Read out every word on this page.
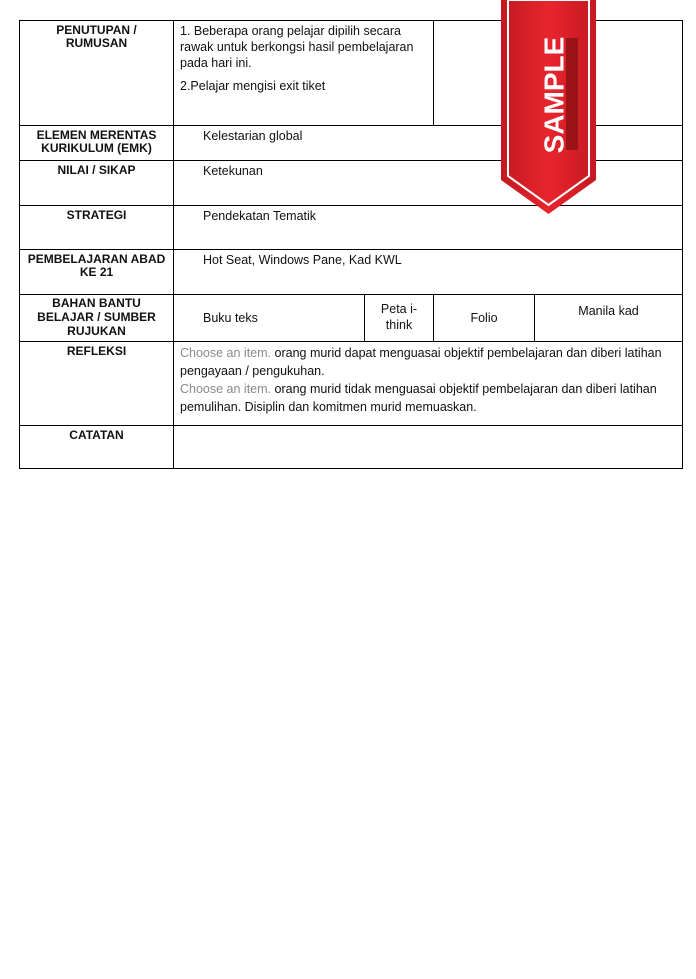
PENUTUPAN / RUMUSAN	1. Beberapa orang pelajar dipilih secara rawak untuk berkongsi hasil pembelajaran pada hari ini.
2.Pelajar mengisi exit tiket			

ELEMEN MERENTAS KURIKULUM (EMK)	Kelestarian global			
NILAI / SIKAP	Ketekunan			
STRATEGI	Pendekatan Tematik			
PEMBELAJARAN ABAD KE 21	Hot Seat, Windows Pane, Kad KWL			
BAHAN BANTU BELAJAR / SUMBER RUJUKAN	Buku teks	Peta i-think	Folio	Manila kad
REFLEKSI	Choose an item. orang murid dapat menguasai objektif pembelajaran dan diberi latihan pengayaan / pengukuhan.
Choose an item. orang murid tidak menguasai objektif pembelajaran dan diberi latihan pemulihan. Disiplin dan komitmen murid memuaskan.			

CATATAN				
SAMPLE
